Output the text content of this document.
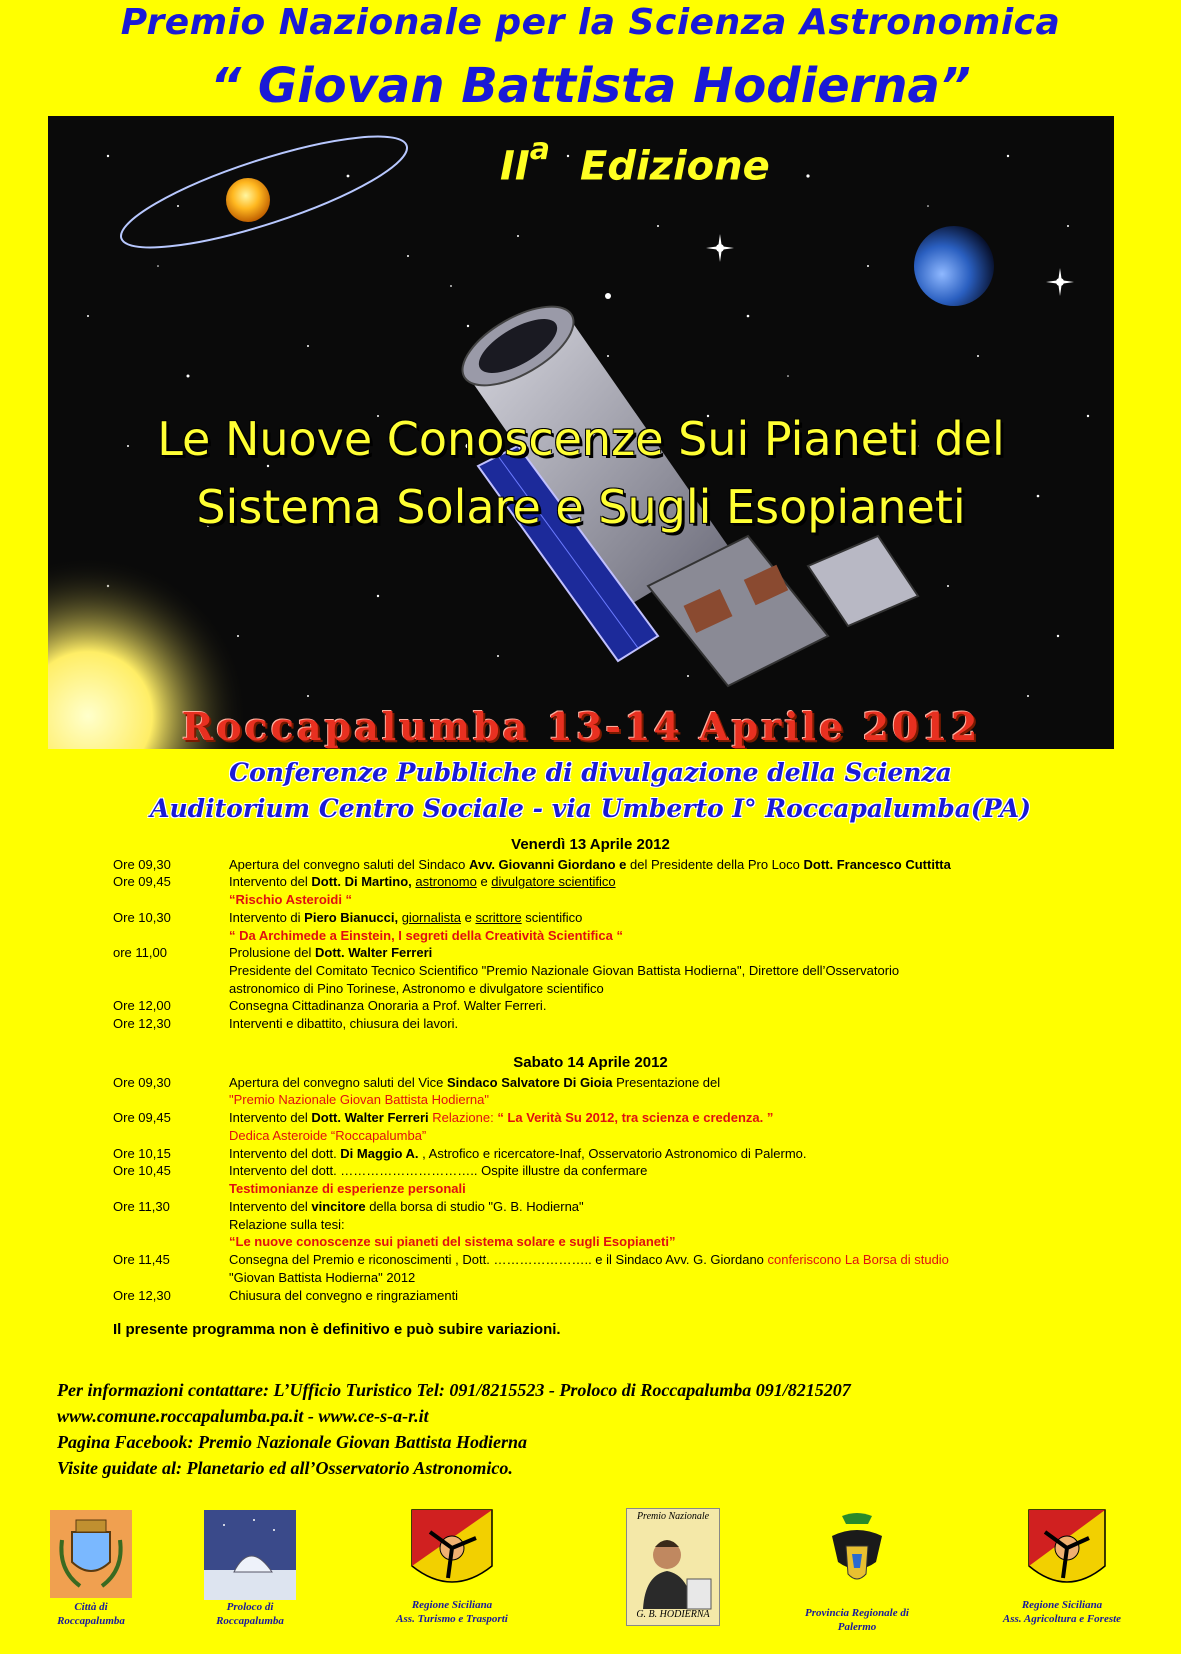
Premio Nazionale per la Scienza Astronomica
“ Giovan Battista Hodierna”
$II^a$ Edizione
Le Nuove Conoscenze Sui Pianeti del
Sistema Solare e Sugli Esopianeti
Roccapalumba 13-14 Aprile 2012
Conferenze Pubbliche di divulgazione della Scienza
Auditorium Centro Sociale - via Umberto I° Roccapalumba(PA)
Venerdì 13 Aprile 2012
Ore 09,30	Apertura del convegno saluti del Sindaco Avv. Giovanni Giordano e del Presidente della Pro Loco Dott. Francesco Cuttitta
Ore 09,45	Intervento del Dott. Di Martino, astronomo e divulgatore scientifico
“Rischio Asteroidi “
Ore 10,30	Intervento di Piero Bianucci, giornalista e scrittore scientifico
“ Da Archimede a Einstein, I segreti della Creatività Scientifica “
ore 11,00	Prolusione del Dott. Walter Ferreri
Presidente del Comitato Tecnico Scientifico "Premio Nazionale Giovan Battista Hodierna", Direttore dell’Osservatorio
astronomico di Pino Torinese, Astronomo e divulgatore scientifico
Ore 12,00	Consegna Cittadinanza Onoraria a Prof. Walter Ferreri.
Ore 12,30	Interventi e dibattito, chiusura dei lavori.
Sabato 14 Aprile 2012
Ore 09,30	Apertura del convegno saluti del Vice Sindaco Salvatore Di Gioia Presentazione del
"Premio Nazionale Giovan Battista Hodierna"
Ore 09,45	Intervento del Dott. Walter Ferreri Relazione: “ La Verità Su 2012, tra scienza e credenza. ”
Dedica Asteroide “Roccapalumba”
Ore 10,15	Intervento del dott. Di Maggio A. , Astrofico e ricercatore-Inaf, Osservatorio Astronomico di Palermo.
Ore 10,45	Intervento del dott. ………………………….. Ospite illustre da confermare
Testimonianze di esperienze personali
Ore 11,30	Intervento del vincitore della borsa di studio "G. B. Hodierna"
Relazione sulla tesi:
“Le nuove conoscenze sui pianeti del sistema solare e sugli Esopianeti”
Ore 11,45	Consegna del Premio e riconoscimenti , Dott. ………………….. e il Sindaco Avv. G. Giordano conferiscono La Borsa di studio
"Giovan Battista Hodierna" 2012
Ore 12,30	Chiusura del convegno e ringraziamenti
Il presente programma non è definitivo e può subire variazioni.
Per informazioni contattare: L’Ufficio Turistico Tel: 091/8215523 - Proloco di Roccapalumba 091/8215207
www.comune.roccapalumba.pa.it - www.ce-s-a-r.it
Pagina Facebook: Premio Nazionale Giovan Battista Hodierna
Visite guidate al: Planetario ed all’Osservatorio Astronomico.
Città di
Roccapalumba
Proloco di
Roccapalumba
Regione Siciliana
Ass. Turismo e Trasporti
Premio Nazionale
G. B. HODIERNA	Provincia Regionale di
Palermo
Regione Siciliana
Ass. Agricoltura e Foreste
